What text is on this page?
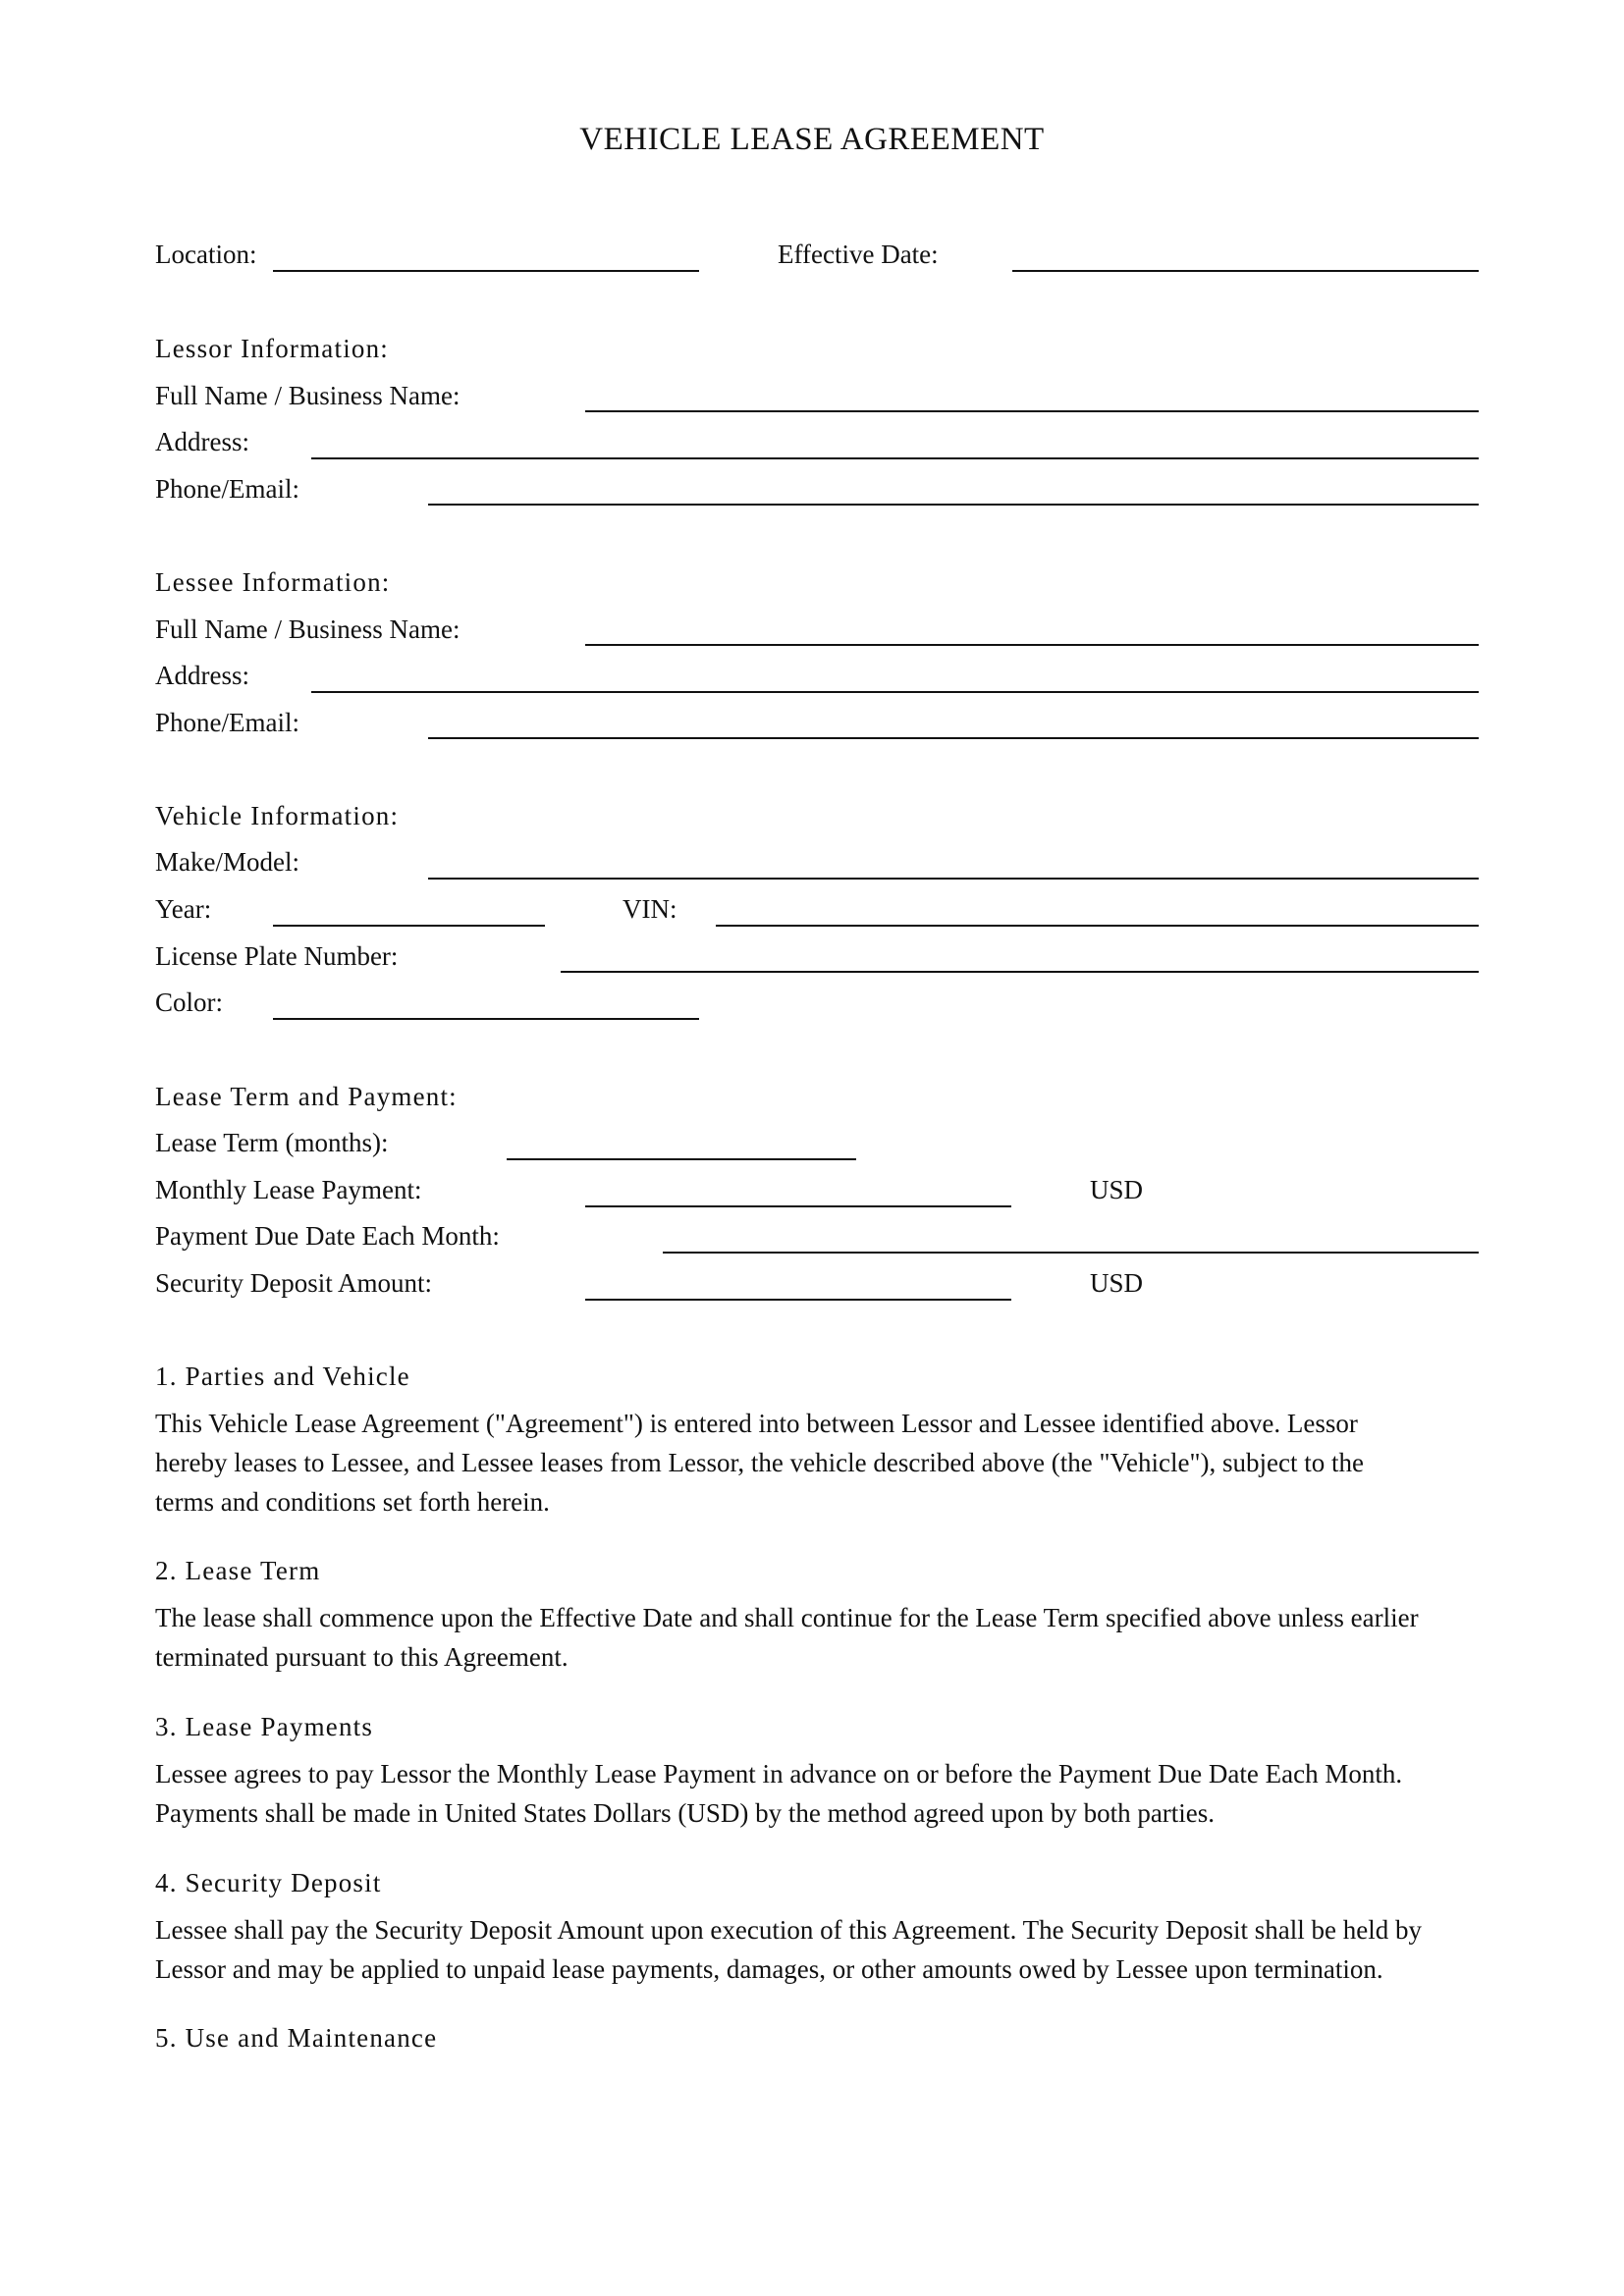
VEHICLE LEASE AGREEMENT
Location:	Effective Date:
Lessor Information:
Full Name / Business Name:
Address:
Phone/Email:
Lessee Information:
Full Name / Business Name:
Address:
Phone/Email:
Vehicle Information:
Make/Model:
Year:	VIN:
License Plate Number:
Color:
Lease Term and Payment:
Lease Term (months):
Monthly Lease Payment:	USD
Payment Due Date Each Month:
Security Deposit Amount:	USD
1. Parties and Vehicle
This Vehicle Lease Agreement ("Agreement") is entered into between Lessor and Lessee identified above. Lessor
hereby leases to Lessee, and Lessee leases from Lessor, the vehicle described above (the "Vehicle"), subject to the
terms and conditions set forth herein.
2. Lease Term
The lease shall commence upon the Effective Date and shall continue for the Lease Term specified above unless earlier
terminated pursuant to this Agreement.
3. Lease Payments
Lessee agrees to pay Lessor the Monthly Lease Payment in advance on or before the Payment Due Date Each Month.
Payments shall be made in United States Dollars (USD) by the method agreed upon by both parties.
4. Security Deposit
Lessee shall pay the Security Deposit Amount upon execution of this Agreement. The Security Deposit shall be held by
Lessor and may be applied to unpaid lease payments, damages, or other amounts owed by Lessee upon termination.
5. Use and Maintenance
